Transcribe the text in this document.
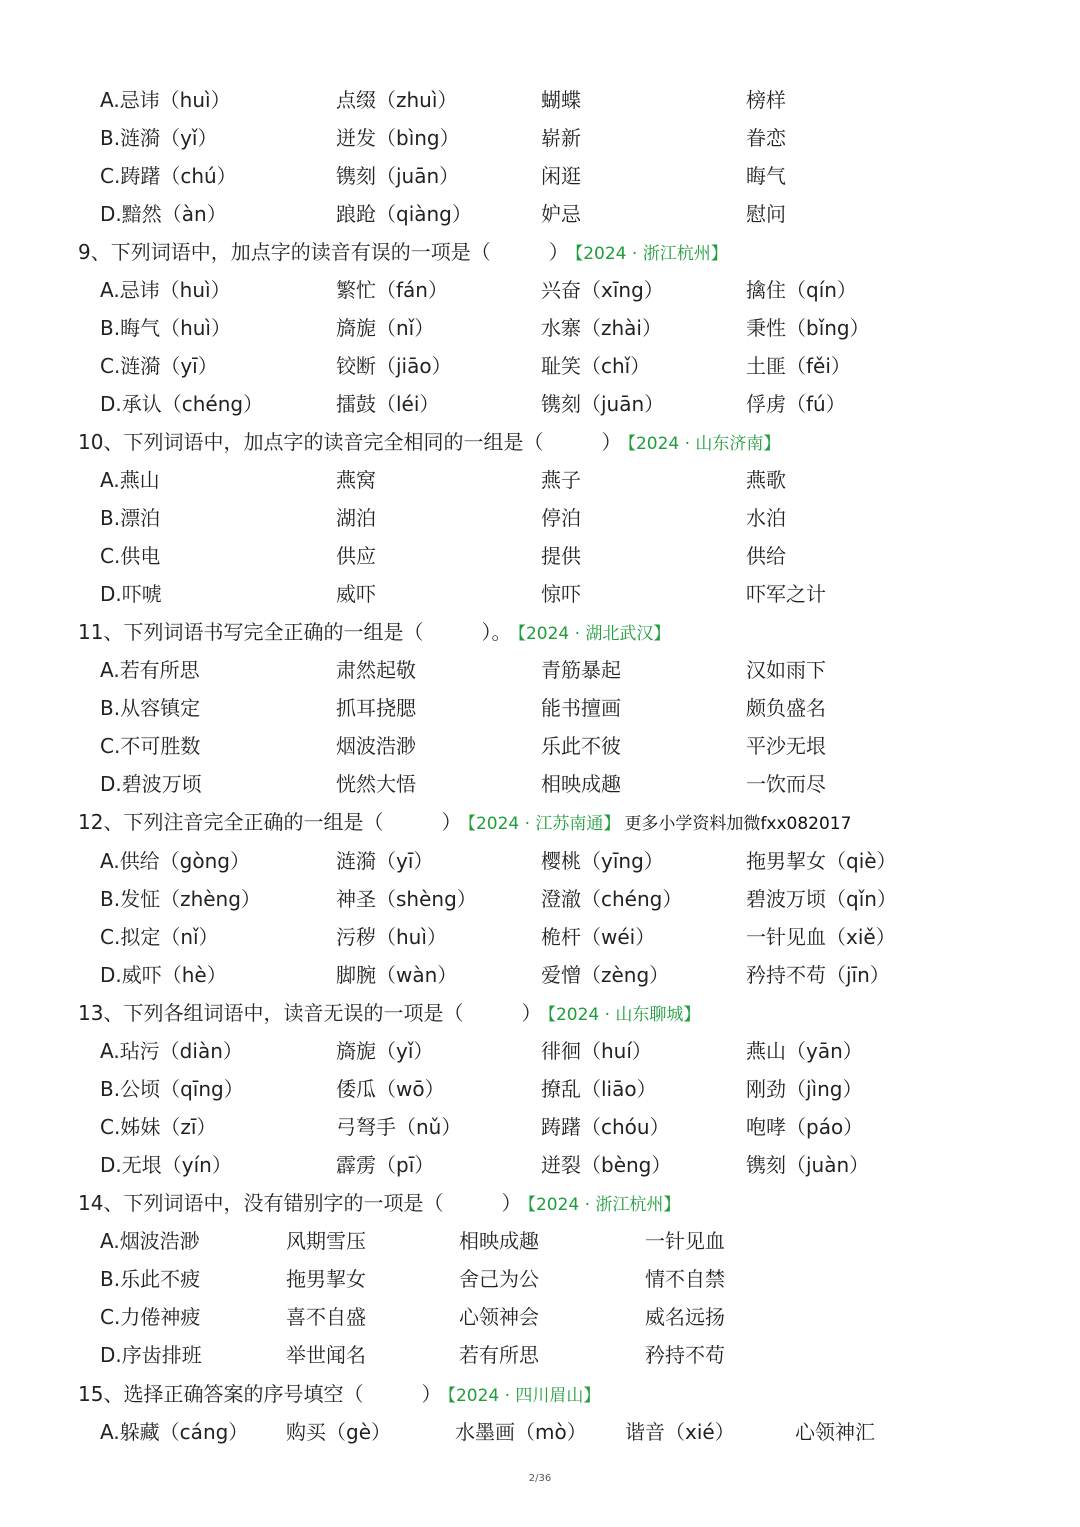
A.忌讳（huì）	点缀（zhuì）	蝴蝶	榜样
B.涟漪（yǐ）	迸发（bìng）	崭新	眷恋
C.踌躇（chú）	镌刻（juān）	闲逛	晦气
D.黯然（àn）	踉跄（qiàng）	妒忌	慰问
9、下列词语中，加点字的读音有误的一项是（	） 【2024 · 浙江杭州】
A.忌讳（huì）	繁忙（fán）	兴奋（xīng）	擒住（qín）
B.晦气（huì）	旖旎（nǐ）	水寨（zhài）	秉性（bǐng）
C.涟漪（yī）	铰断（jiāo）	耻笑（chǐ）	土匪（fěi）
D.承认（chéng）	擂鼓（léi）	镌刻（juān）	俘虏（fú）
10、下列词语中，加点字的读音完全相同的一组是（	） 【2024 · 山东济南】
A.燕山	燕窝	燕子	燕歌
B.漂泊	湖泊	停泊	水泊
C.供电	供应	提供	供给
D.吓唬	威吓	惊吓	吓军之计
11、下列词语书写完全正确的一组是（	）。 【2024 · 湖北武汉】
A.若有所思	肃然起敬	青筋暴起	汉如雨下
B.从容镇定	抓耳挠腮	能书擅画	颇负盛名
C.不可胜数	烟波浩渺	乐此不彼	平沙无垠
D.碧波万顷	恍然大悟	相映成趣	一饮而尽
12、下列注音完全正确的一组是（	） 【2024 · 江苏南通】 更多小学资料加微fxx082017
A.供给（gòng）	涟漪（yī）	樱桃（yīng）	拖男挈女（qiè）
B.发怔（zhèng）	神圣（shèng）	澄澈（chéng）	碧波万顷（qǐn）
C.拟定（nǐ）	污秽（huì）	桅杆（wéi）	一针见血（xiě）
D.威吓（hè）	脚腕（wàn）	爱憎（zèng）	矜持不苟（jīn）
13、下列各组词语中，读音无误的一项是（	） 【2024 · 山东聊城】
A.玷污（diàn）	旖旎（yǐ）	徘徊（huí）	燕山（yān）
B.公顷（qīng）	倭瓜（wō）	撩乱（liāo）	刚劲（jìng）
C.姊妹（zī）	弓弩手（nǔ）	踌躇（chóu）	咆哮（páo）
D.无垠（yín）	霹雳（pī）	迸裂（bèng）	镌刻（juàn）
14、下列词语中，没有错别字的一项是（	） 【2024 · 浙江杭州】
A.烟波浩渺	风期雪压	相映成趣	一针见血
B.乐此不疲	拖男挈女	舍己为公	情不自禁
C.力倦神疲	喜不自盛	心领神会	威名远扬
D.序齿排班	举世闻名	若有所思	矜持不苟
15、选择正确答案的序号填空（	） 【2024 · 四川眉山】
A.躲藏（cáng） 购买（gè）	水墨画（mò） 谐音（xié）	心领神汇
2/36
